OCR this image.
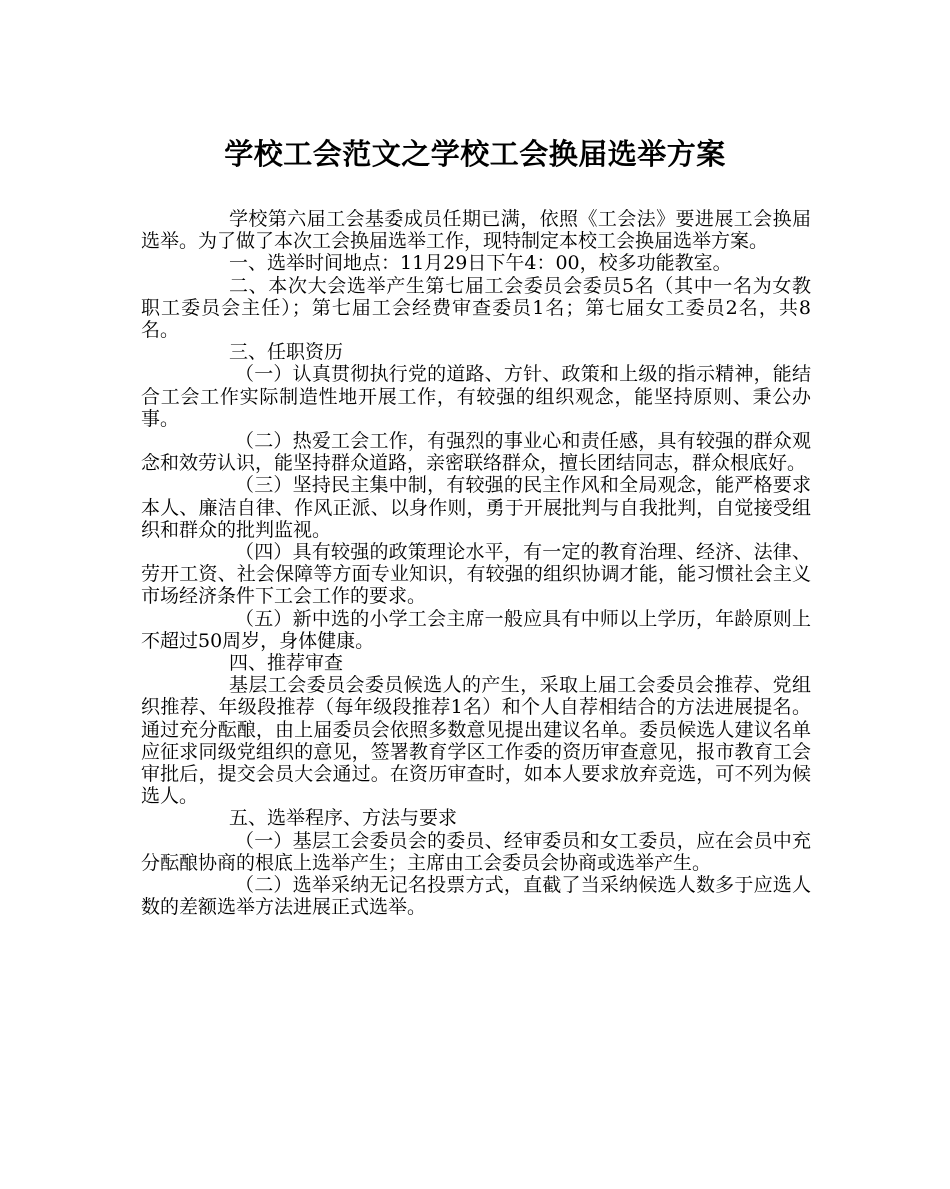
学校工会范文之学校工会换届选举方案

学校第六届工会基委成员任期已满，依照《工会法》要进展工会换届选举。为了做了本次工会换届选举工作，现特制定本校工会换届选举方案。

一、选举时间地点：11月29日下午4：00，校多功能教室。

二、本次大会选举产生第七届工会委员会委员5名（其中一名为女教职工委员会主任）；第七届工会经费审查委员1名；第七届女工委员2名，共8名。

三、任职资历

（一）认真贯彻执行党的道路、方针、政策和上级的指示精神，能结合工会工作实际制造性地开展工作，有较强的组织观念，能坚持原则、秉公办事。

（二）热爱工会工作，有强烈的事业心和责任感，具有较强的群众观念和效劳认识，能坚持群众道路，亲密联络群众，擅长团结同志，群众根底好。

（三）坚持民主集中制，有较强的民主作风和全局观念，能严格要求本人、廉洁自律、作风正派、以身作则，勇于开展批判与自我批判，自觉接受组织和群众的批判监视。

（四）具有较强的政策理论水平，有一定的教育治理、经济、法律、劳开工资、社会保障等方面专业知识，有较强的组织协调才能，能习惯社会主义市场经济条件下工会工作的要求。

（五）新中选的小学工会主席一般应具有中师以上学历，年龄原则上不超过50周岁，身体健康。

四、推荐审查

基层工会委员会委员候选人的产生，采取上届工会委员会推荐、党组织推荐、年级段推荐（每年级段推荐1名）和个人自荐相结合的方法进展提名。通过充分酝酿，由上届委员会依照多数意见提出建议名单。委员候选人建议名单应征求同级党组织的意见，签署教育学区工作委的资历审查意见，报市教育工会审批后，提交会员大会通过。在资历审查时，如本人要求放弃竞选，可不列为候选人。

五、选举程序、方法与要求

（一）基层工会委员会的委员、经审委员和女工委员，应在会员中充分酝酿协商的根底上选举产生；主席由工会委员会协商或选举产生。

（二）选举采纳无记名投票方式，直截了当采纳候选人数多于应选人数的差额选举方法进展正式选举。
